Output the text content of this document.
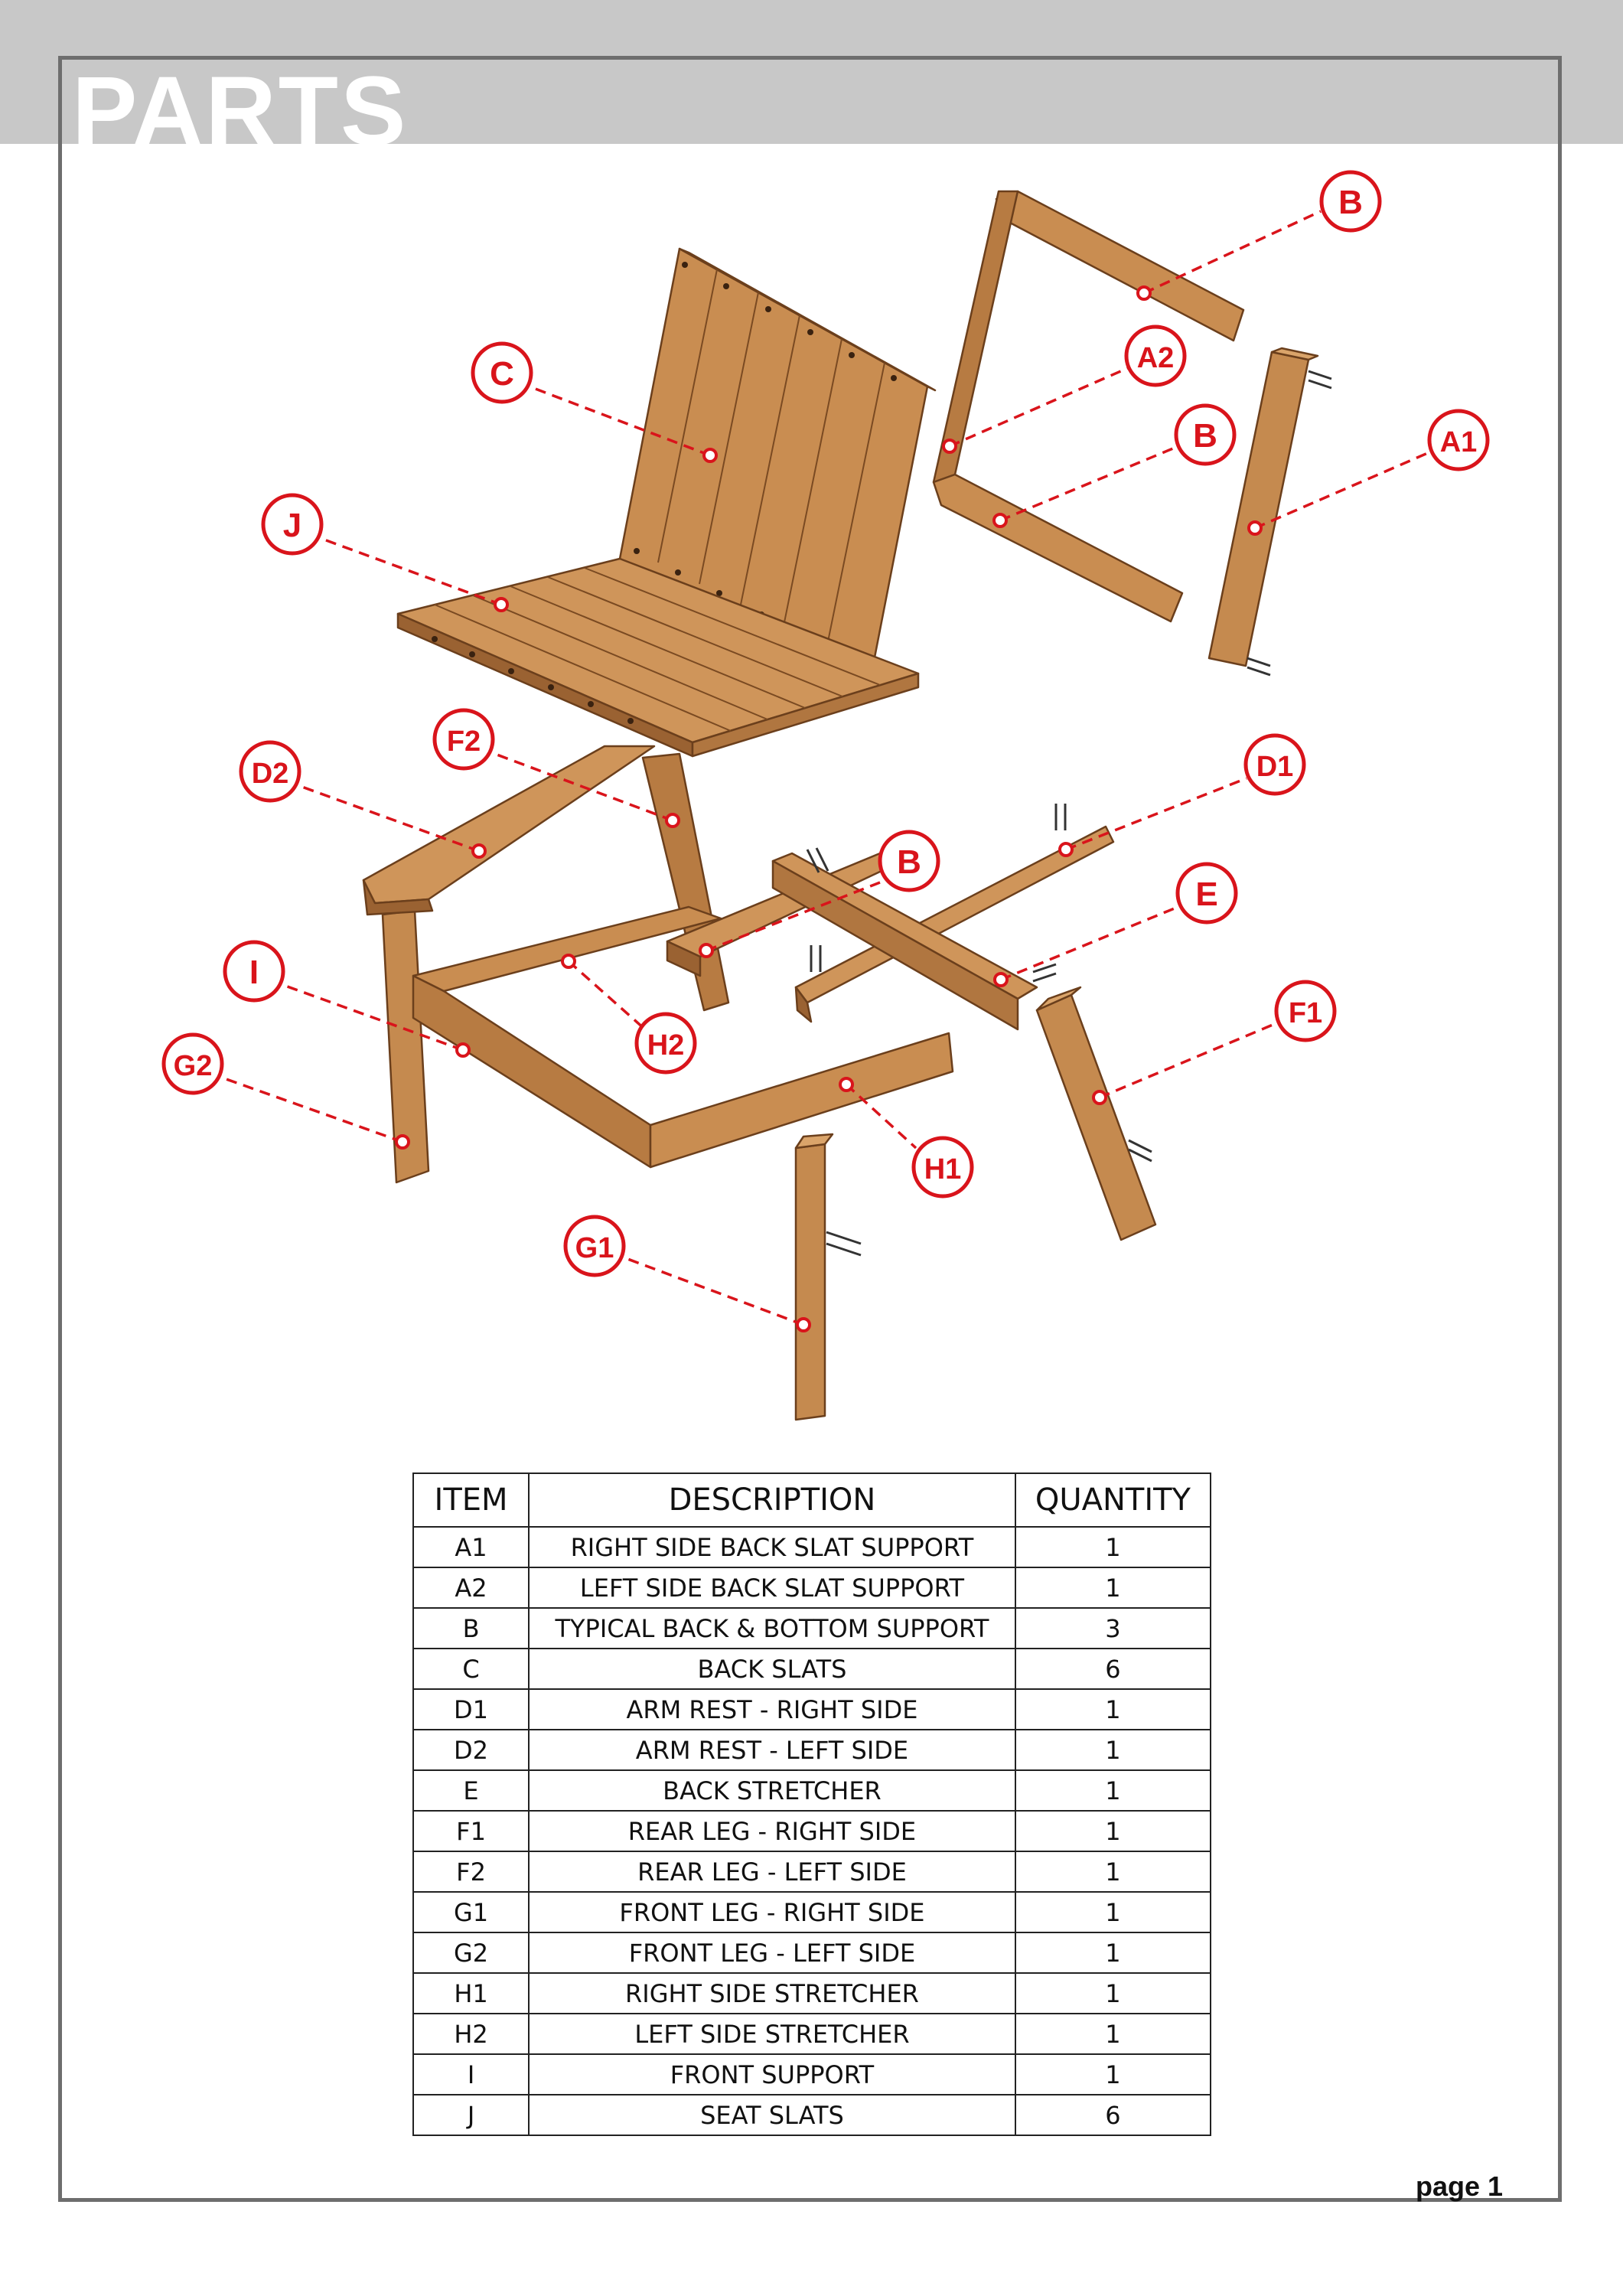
PARTS
B
A2
B	A1
C
J
F2
D2	D1
B
E
I
H2
F1
G2
H1
G1
ITEM	DESCRIPTION	QUANTITY
A1	RIGHT SIDE BACK SLAT SUPPORT	1
A2	LEFT SIDE BACK SLAT SUPPORT	1
B	TYPICAL BACK & BOTTOM SUPPORT	3
C	BACK SLATS	6
D1	ARM REST - RIGHT SIDE	1
D2	ARM REST - LEFT SIDE	1
E	BACK STRETCHER	1
F1	REAR LEG - RIGHT SIDE	1
F2	REAR LEG - LEFT SIDE	1
G1	FRONT LEG - RIGHT SIDE	1
G2	FRONT LEG - LEFT SIDE	1
H1	RIGHT SIDE STRETCHER	1
H2	LEFT SIDE STRETCHER	1
I	FRONT SUPPORT	1
J	SEAT SLATS	6
page 1
